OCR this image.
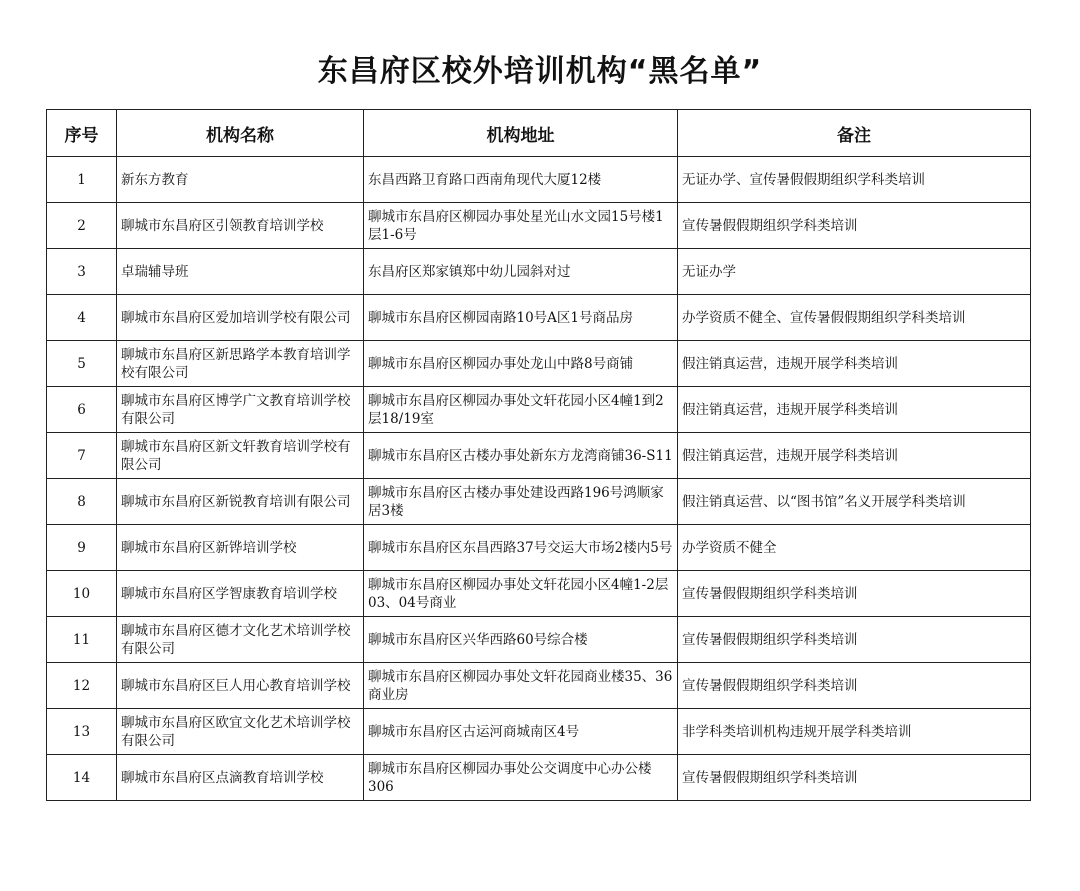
东昌府区校外培训机构“黑名单”
序号	机构名称	机构地址	备注
1	新东方教育	东昌西路卫育路口西南角现代大厦12楼	无证办学、宣传暑假假期组织学科类培训
2	聊城市东昌府区引领教育培训学校	聊城市东昌府区柳园办事处星光山水文园15号楼1层1-6号	宣传暑假假期组织学科类培训
3	卓瑞辅导班	东昌府区郑家镇郑中幼儿园斜对过	无证办学
4	聊城市东昌府区爱加培训学校有限公司	聊城市东昌府区柳园南路10号A区1号商品房	办学资质不健全、宣传暑假假期组织学科类培训
5	聊城市东昌府区新思路学本教育培训学校有限公司	聊城市东昌府区柳园办事处龙山中路8号商铺	假注销真运营，违规开展学科类培训
6	聊城市东昌府区博学广文教育培训学校有限公司	聊城市东昌府区柳园办事处文轩花园小区4幢1到2层18/19室	假注销真运营，违规开展学科类培训
7	聊城市东昌府区新文轩教育培训学校有限公司	聊城市东昌府区古楼办事处新东方龙湾商铺36-S11	假注销真运营，违规开展学科类培训
8	聊城市东昌府区新锐教育培训有限公司	聊城市东昌府区古楼办事处建设西路196号鸿顺家居3楼	假注销真运营、以“图书馆”名义开展学科类培训
9	聊城市东昌府区新铧培训学校	聊城市东昌府区东昌西路37号交运大市场2楼内5号	办学资质不健全
10	聊城市东昌府区学智康教育培训学校	聊城市东昌府区柳园办事处文轩花园小区4幢1-2层03、04号商业	宣传暑假假期组织学科类培训
11	聊城市东昌府区德才文化艺术培训学校有限公司	聊城市东昌府区兴华西路60号综合楼	宣传暑假假期组织学科类培训
12	聊城市东昌府区巨人用心教育培训学校	聊城市东昌府区柳园办事处文轩花园商业楼35、36商业房	宣传暑假假期组织学科类培训
13	聊城市东昌府区欧宜文化艺术培训学校有限公司	聊城市东昌府区古运河商城南区4号	非学科类培训机构违规开展学科类培训
14	聊城市东昌府区点滴教育培训学校	聊城市东昌府区柳园办事处公交调度中心办公楼306	宣传暑假假期组织学科类培训
